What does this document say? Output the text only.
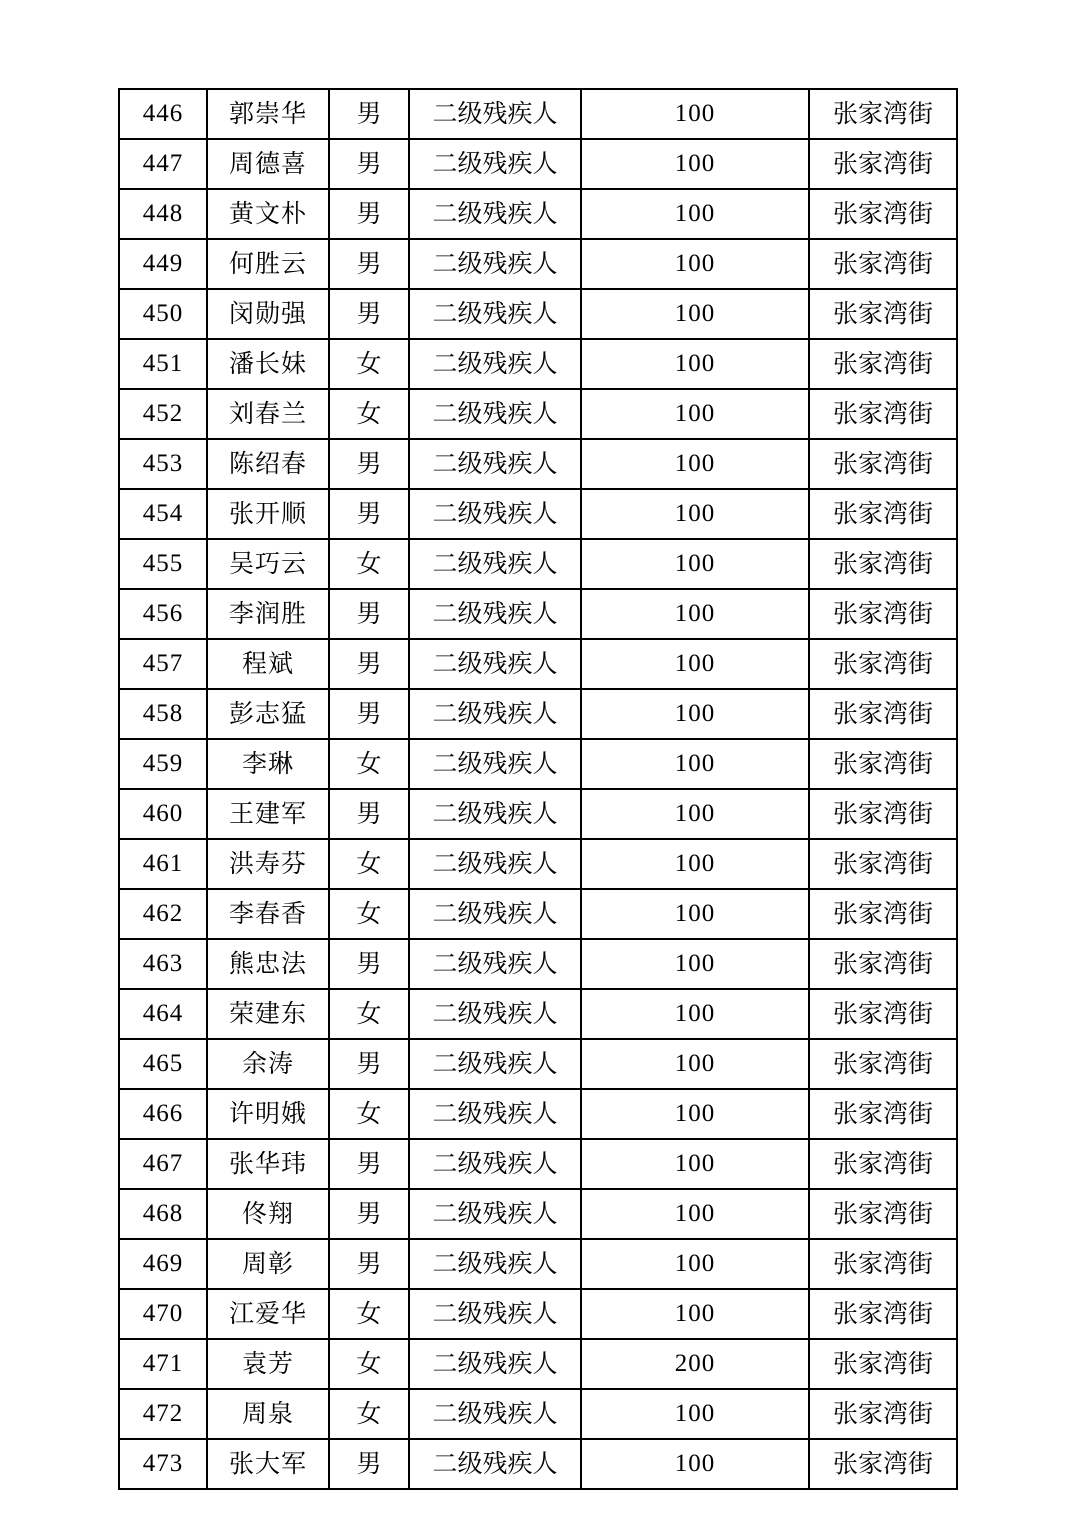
446	郭崇华	男	二级残疾人	100	张家湾街
447	周德喜	男	二级残疾人	100	张家湾街
448	黄文朴	男	二级残疾人	100	张家湾街
449	何胜云	男	二级残疾人	100	张家湾街
450	闵勋强	男	二级残疾人	100	张家湾街
451	潘长妹	女	二级残疾人	100	张家湾街
452	刘春兰	女	二级残疾人	100	张家湾街
453	陈绍春	男	二级残疾人	100	张家湾街
454	张开顺	男	二级残疾人	100	张家湾街
455	吴巧云	女	二级残疾人	100	张家湾街
456	李润胜	男	二级残疾人	100	张家湾街
457	程斌	男	二级残疾人	100	张家湾街
458	彭志猛	男	二级残疾人	100	张家湾街
459	李琳	女	二级残疾人	100	张家湾街
460	王建军	男	二级残疾人	100	张家湾街
461	洪寿芬	女	二级残疾人	100	张家湾街
462	李春香	女	二级残疾人	100	张家湾街
463	熊忠法	男	二级残疾人	100	张家湾街
464	荣建东	女	二级残疾人	100	张家湾街
465	余涛	男	二级残疾人	100	张家湾街
466	许明娥	女	二级残疾人	100	张家湾街
467	张华玮	男	二级残疾人	100	张家湾街
468	佟翔	男	二级残疾人	100	张家湾街
469	周彰	男	二级残疾人	100	张家湾街
470	江爱华	女	二级残疾人	100	张家湾街
471	袁芳	女	二级残疾人	200	张家湾街
472	周泉	女	二级残疾人	100	张家湾街
473	张大军	男	二级残疾人	100	张家湾街
